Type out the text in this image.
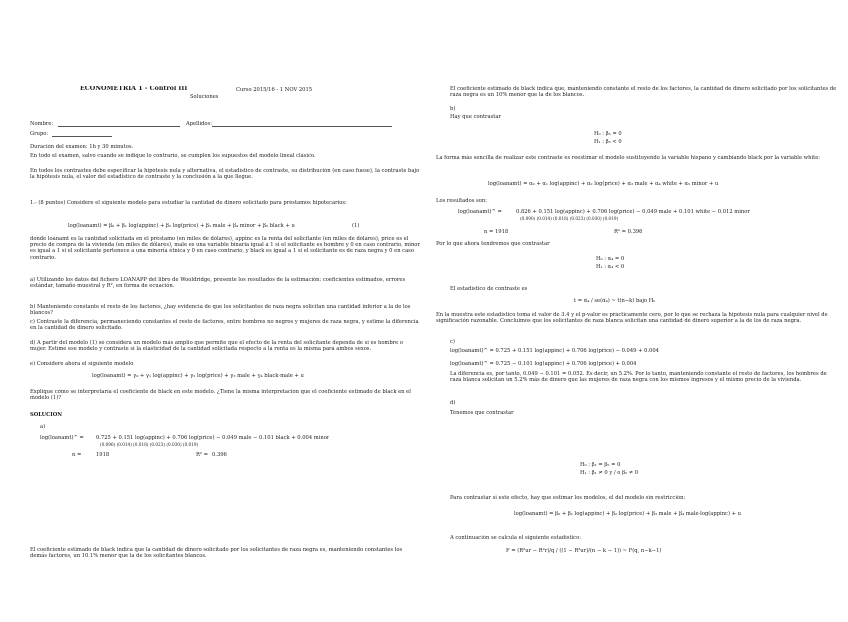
ECONOMETRÍA 1 - Control III	Curso 2015/16 - 1 NOV 2015
Soluciones
Nombre:	Apellidos:
Grupo:
Duración del examen: 1h y 30 minutos.
En todo el examen, salvo cuando se indique lo contrario, se cumplen los supuestos del modelo lineal clásico.
En todos los contrastes debe especificar la hipótesis nula y alternativa, el estadístico de contraste, su distribución (en caso fuese), la contraste bajo la hipótesis nula, el valor del estadístico de contraste y la conclusión a la que llegue.
1.- (8 puntos) Considere el siguiente modelo para estudiar la cantidad de dinero solicitado para préstamos hipotecarios:
log(loanamt) = β₀ + β₁ log(appinc) + β₂ log(price) + β₃ male + β₄ minor + β₅ black + u	(1)
donde loanamt es la cantidad solicitada en el préstamo (en miles de dólares), appinc es la renta del solicitante (en miles de dólares), price es el precio de compra de la vivienda (en miles de dólares), male es una variable binaria igual a 1 si el solicitante es hombre y 0 en caso contrario, minor es igual a 1 si el solicitante pertenece a una minoría étnica y 0 en caso contrario, y black es igual a 1 si el solicitante es de raza negra y 0 en caso contrario.
a) Utilizando los datos del fichero LOANAPP del libro de Wooldridge, presente los resultados de la estimación: coeficientes estimados, errores estándar, tamaño muestral y R², en forma de ecuación.
b) Manteniendo constante el resto de los factores, ¿hay evidencia de que los solicitantes de raza negra solicitan una cantidad inferior a la de los blancos?
c) Contraste la diferencia, permaneciendo constantes el resto de factores, entre hombres no negros y mujeres de raza negra, y estime la diferencia en la cantidad de dinero solicitado.
d) A partir del modelo (1) se considera un modelo más amplio que permite que el efecto de la renta del solicitante dependa de si es hombre o mujer. Estime ese modelo y contraste si la elasticidad de la cantidad solicitada respecto a la renta es la misma para ambos sexos.
e) Considere ahora el siguiente modelo
log(loanamt) = γ₀ + γ₁ log(appinc) + γ₂ log(price) + γ₃ male + γ₄ black·male + u
Explique cómo se interpretaría el coeficiente de black en este modelo. ¿Tiene la misma interpretación que el coeficiente estimado de black en el modelo (1)?
SOLUCIÓN
a)
log(loanamt)^ = 0.725 + 0.151 log(appinc) + 0.706 log(price) − 0.049 male − 0.101 black + 0.004 minor
(0.096) (0.014) (0.018) (0.023) (0.030) (0.019)
n =	1918	R² = 0.396
El coeficiente estimado de black indica que la cantidad de dinero solicitado por los solicitantes de raza negra es, manteniendo constantes los demás factores, un 10.1% menor que la de los solicitantes blancos.
El coeficiente estimado de black indica que, manteniendo constante el resto de los factores, la cantidad de dinero solicitado por los solicitantes de raza negra es un 10% menor que la de los blancos.
b)
Hay que contrastar
H₀ : β₅ = 0
H₁ : β₅ < 0
La forma más sencilla de realizar este contraste es reestimar el modelo sustituyendo la variable hispano y cambiando black por la variable white:
log(loanamt) = α₀ + α₁ log(appinc) + α₂ log(price) + α₃ male + α₄ white + α₅ minor + u
Los resultados son:
log(loanamt)^ =	0.826 + 0.151 log(appinc) + 0.706 log(price) − 0.049 male + 0.101 white − 0.012 minor
(0.090) (0.014) (0.018) (0.023) (0.030) (0.019)
n = 1918	R² = 0.396
Por lo que ahora tendremos que contrastar
H₀ : α₄ = 0
H₁ : α₄ < 0
El estadístico de contraste es
t = α̂₄ / se(α̂₄) ~ t(n−k) bajo H₀
En la muestra este estadístico toma el valor de 3.4 y el p-valor es prácticamente cero, por lo que se rechaza la hipótesis nula para cualquier nivel de significación razonable. Concluimos que los solicitantes de raza blanca solicitan una cantidad de dinero superior a la de los de raza negra.
c)
log(loanamt)^ = 0.725 + 0.151 log(appinc) + 0.706 log(price) − 0.049 + 0.004
log(loanamt)^ = 0.725 − 0.101 log(appinc) + 0.706 log(price) + 0.004
La diferencia es, por tanto, 0.049 − 0.101 = 0.052. Es decir, un 5.2%. Por lo tanto, manteniendo constante el resto de factores, los hombres de raza blanca solicitan un 5.2% más de dinero que las mujeres de raza negra con los mismos ingresos y el mismo precio de la vivienda.
d)
Tenemos que contrastar
H₀ : β₁ = β₅ = 0
H₁ : β₁ ≠ 0 y / o β₅ ≠ 0
Para contrastar si este efecto, hay que estimar los modelos, el del modelo sin restricción:
log(loanamt) = β₀ + β₁ log(appinc) + β₂ log(price) + β₃ male + β₄ male·log(appinc) + u
A continuación se calcula el siguiente estadístico:
F = (R²ur − R²r)/q / ((1 − R²ur)/(n − k − 1)) ~ F(q, n−k−1)
